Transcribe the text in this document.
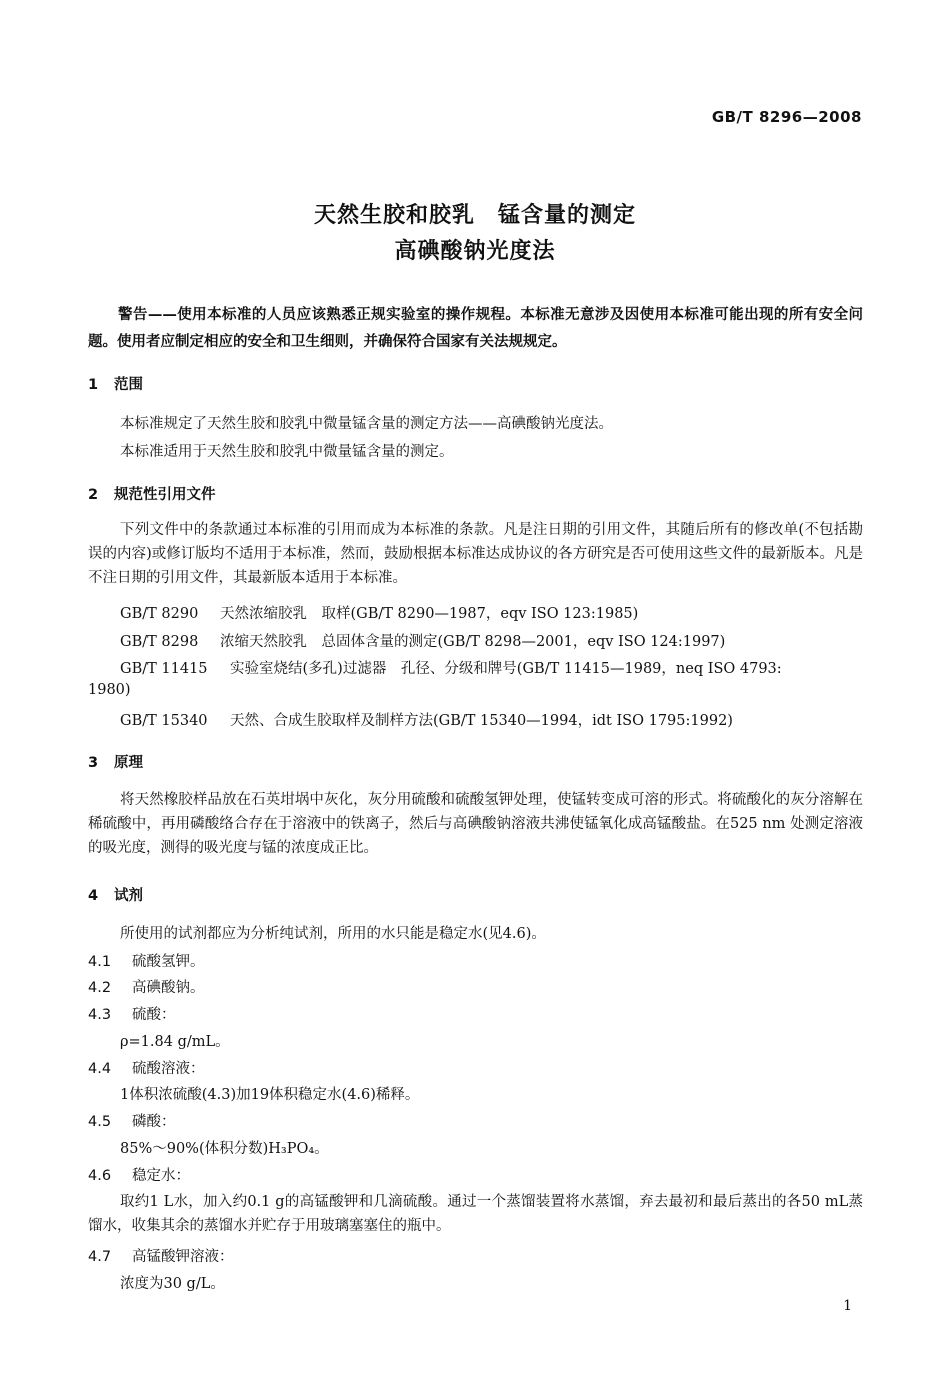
GB/T 8296—2008
天然生胶和胶乳　锰含量的测定
高碘酸钠光度法
警告——使用本标准的人员应该熟悉正规实验室的操作规程。本标准无意涉及因使用本标准可能出现的所有安全问题。使用者应制定相应的安全和卫生细则，并确保符合国家有关法规规定。
1 范围
本标准规定了天然生胶和胶乳中微量锰含量的测定方法——高碘酸钠光度法。
本标准适用于天然生胶和胶乳中微量锰含量的测定。
2 规范性引用文件
下列文件中的条款通过本标准的引用而成为本标准的条款。凡是注日期的引用文件，其随后所有的修改单(不包括勘误的内容)或修订版均不适用于本标准，然而，鼓励根据本标准达成协议的各方研究是否可使用这些文件的最新版本。凡是不注日期的引用文件，其最新版本适用于本标准。
GB/T 8290 天然浓缩胶乳　取样(GB/T 8290—1987，eqv ISO 123:1985)
GB/T 8298 浓缩天然胶乳　总固体含量的测定(GB/T 8298—2001，eqv ISO 124:1997)
GB/T 11415 实验室烧结(多孔)过滤器　孔径、分级和牌号(GB/T 11415—1989，neq ISO 4793:
1980)
GB/T 15340 天然、合成生胶取样及制样方法(GB/T 15340—1994，idt ISO 1795:1992)
3 原理
将天然橡胶样品放在石英坩埚中灰化，灰分用硫酸和硫酸氢钾处理，使锰转变成可溶的形式。将硫酸化的灰分溶解在稀硫酸中，再用磷酸络合存在于溶液中的铁离子，然后与高碘酸钠溶液共沸使锰氧化成高锰酸盐。在525 nm 处测定溶液的吸光度，测得的吸光度与锰的浓度成正比。
4 试剂
所使用的试剂都应为分析纯试剂，所用的水只能是稳定水(见4.6)。
4.1 硫酸氢钾。
4.2 高碘酸钠。
4.3 硫酸：
ρ=1.84 g/mL。
4.4 硫酸溶液：
1体积浓硫酸(4.3)加19体积稳定水(4.6)稀释。
4.5 磷酸：
85%～90%(体积分数)H₃PO₄。
4.6 稳定水：
取约1 L水，加入约0.1 g的高锰酸钾和几滴硫酸。通过一个蒸馏装置将水蒸馏，弃去最初和最后蒸出的各50 mL蒸馏水，收集其余的蒸馏水并贮存于用玻璃塞塞住的瓶中。
4.7 高锰酸钾溶液：
浓度为30 g/L。
1
